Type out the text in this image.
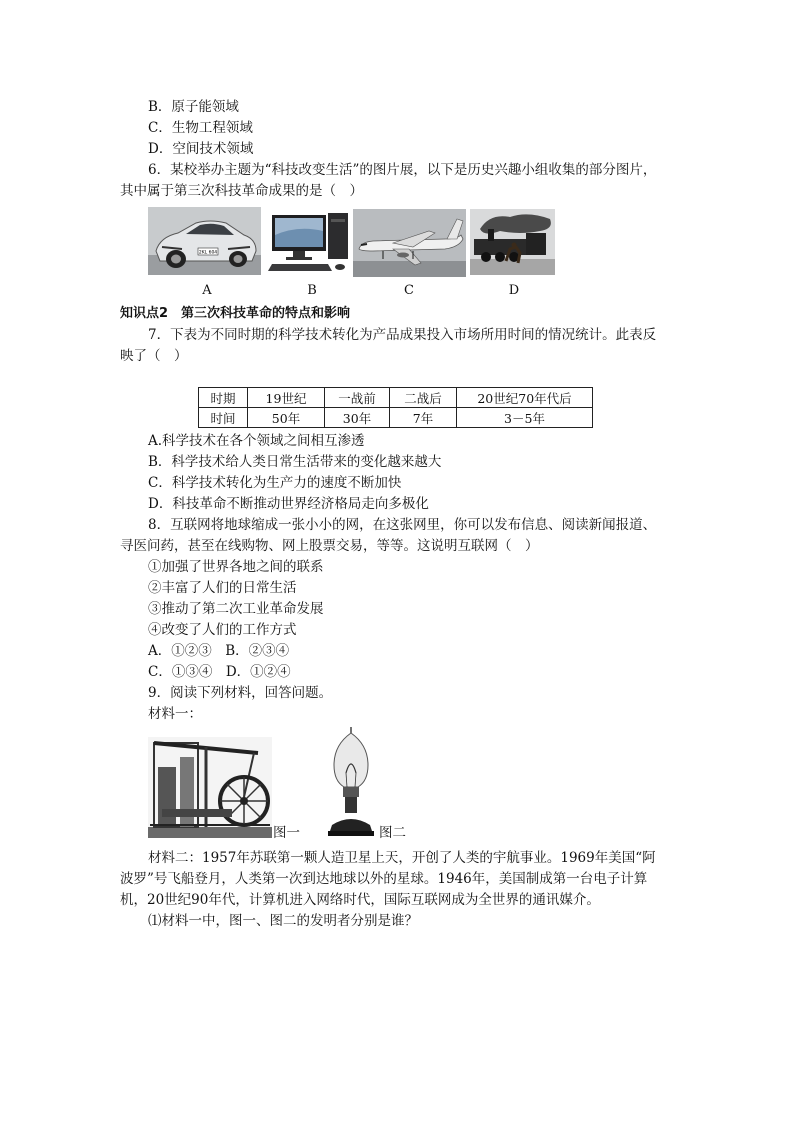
B．原子能领域
C．生物工程领域
D．空间技术领域
6．某校举办主题为“科技改变生活”的图片展，以下是历史兴趣小组收集的部分图片，
其中属于第三次科技革命成果的是（　）
2KL 604
A	B	C	D
知识点2　第三次科技革命的特点和影响
7．下表为不同时期的科学技术转化为产品成果投入市场所用时间的情况统计。此表反
映了（　）
时期	19世纪	一战前	二战后	20世纪70年代后
时间	50年	30年	7年	3－5年
A.科学技术在各个领域之间相互渗透
B．科学技术给人类日常生活带来的变化越来越大
C．科学技术转化为生产力的速度不断加快
D．科技革命不断推动世界经济格局走向多极化
8．互联网将地球缩成一张小小的网，在这张网里，你可以发布信息、阅读新闻报道、
寻医问药，甚至在线购物、网上股票交易，等等。这说明互联网（　）
①加强了世界各地之间的联系
②丰富了人们的日常生活
③推动了第二次工业革命发展
④改变了人们的工作方式
A．①②③　B．②③④
C．①③④　D．①②④
9．阅读下列材料，回答问题。
材料一：
图一	图二
材料二：1957年苏联第一颗人造卫星上天，开创了人类的宇航事业。1969年美国“阿
波罗”号飞船登月，人类第一次到达地球以外的星球。1946年，美国制成第一台电子计算
机，20世纪90年代，计算机进入网络时代，国际互联网成为全世界的通讯媒介。
⑴材料一中，图一、图二的发明者分别是谁？
